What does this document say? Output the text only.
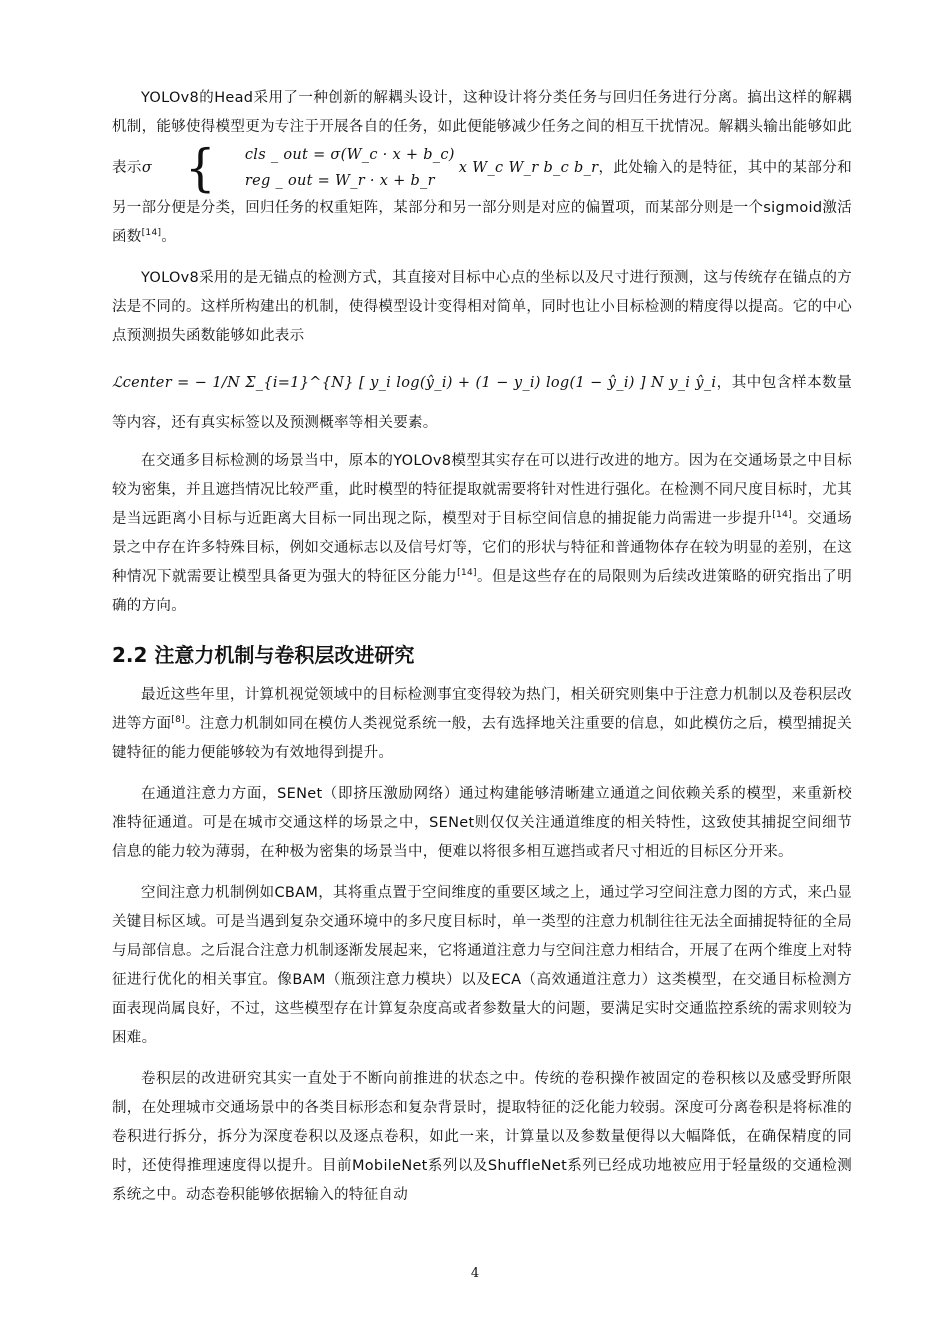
YOLOv8的Head采用了一种创新的解耦头设计，这种设计将分类任务与回归任务进行分离。搞出这样的解耦机制，能够使得模型更为专注于开展各自的任务，如此便能够减少任务之间的相互干扰情况。解耦头输出能够如此表示σ {	cls _ out = σ(W_c · x + b_c)
reg _ out = W_r · x + b_r
x W_c W_r b_c b_r，此处输入的是特征，其中的某部分和另一部分便是分类，回归任务的权重矩阵，某部分和另一部分则是对应的偏置项，而某部分则是一个sigmoid激活函数[14]。

YOLOv8采用的是无锚点的检测方式，其直接对目标中心点的坐标以及尺寸进行预测，这与传统存在锚点的方法是不同的。这样所构建出的机制，使得模型设计变得相对简单，同时也让小目标检测的精度得以提高。它的中心点预测损失函数能够如此表示

ℒcenter = − 1/N Σ_{i=1}^{N} [ y_i log(ŷ_i) + (1 − y_i) log(1 − ŷ_i) ] N y_i ŷ_i，其中包含样本数量等内容，还有真实标签以及预测概率等相关要素。

在交通多目标检测的场景当中，原本的YOLOv8模型其实存在可以进行改进的地方。因为在交通场景之中目标较为密集，并且遮挡情况比较严重，此时模型的特征提取就需要将针对性进行强化。在检测不同尺度目标时，尤其是当远距离小目标与近距离大目标一同出现之际，模型对于目标空间信息的捕捉能力尚需进一步提升[14]。交通场景之中存在许多特殊目标，例如交通标志以及信号灯等，它们的形状与特征和普通物体存在较为明显的差别，在这种情况下就需要让模型具备更为强大的特征区分能力[14]。但是这些存在的局限则为后续改进策略的研究指出了明确的方向。

2.2 注意力机制与卷积层改进研究

最近这些年里，计算机视觉领域中的目标检测事宜变得较为热门，相关研究则集中于注意力机制以及卷积层改进等方面[8]。注意力机制如同在模仿人类视觉系统一般，去有选择地关注重要的信息，如此模仿之后，模型捕捉关键特征的能力便能够较为有效地得到提升。

在通道注意力方面，SENet（即挤压激励网络）通过构建能够清晰建立通道之间依赖关系的模型，来重新校准特征通道。可是在城市交通这样的场景之中，SENet则仅仅关注通道维度的相关特性，这致使其捕捉空间细节信息的能力较为薄弱，在种极为密集的场景当中，便难以将很多相互遮挡或者尺寸相近的目标区分开来。

空间注意力机制例如CBAM，其将重点置于空间维度的重要区域之上，通过学习空间注意力图的方式，来凸显关键目标区域。可是当遇到复杂交通环境中的多尺度目标时，单一类型的注意力机制往往无法全面捕捉特征的全局与局部信息。之后混合注意力机制逐渐发展起来，它将通道注意力与空间注意力相结合，开展了在两个维度上对特征进行优化的相关事宜。像BAM（瓶颈注意力模块）以及ECA（高效通道注意力）这类模型，在交通目标检测方面表现尚属良好，不过，这些模型存在计算复杂度高或者参数量大的问题，要满足实时交通监控系统的需求则较为困难。

卷积层的改进研究其实一直处于不断向前推进的状态之中。传统的卷积操作被固定的卷积核以及感受野所限制，在处理城市交通场景中的各类目标形态和复杂背景时，提取特征的泛化能力较弱。深度可分离卷积是将标准的卷积进行拆分，拆分为深度卷积以及逐点卷积，如此一来，计算量以及参数量便得以大幅降低，在确保精度的同时，还使得推理速度得以提升。目前MobileNet系列以及ShuffleNet系列已经成功地被应用于轻量级的交通检测系统之中。动态卷积能够依据输入的特征自动

4
